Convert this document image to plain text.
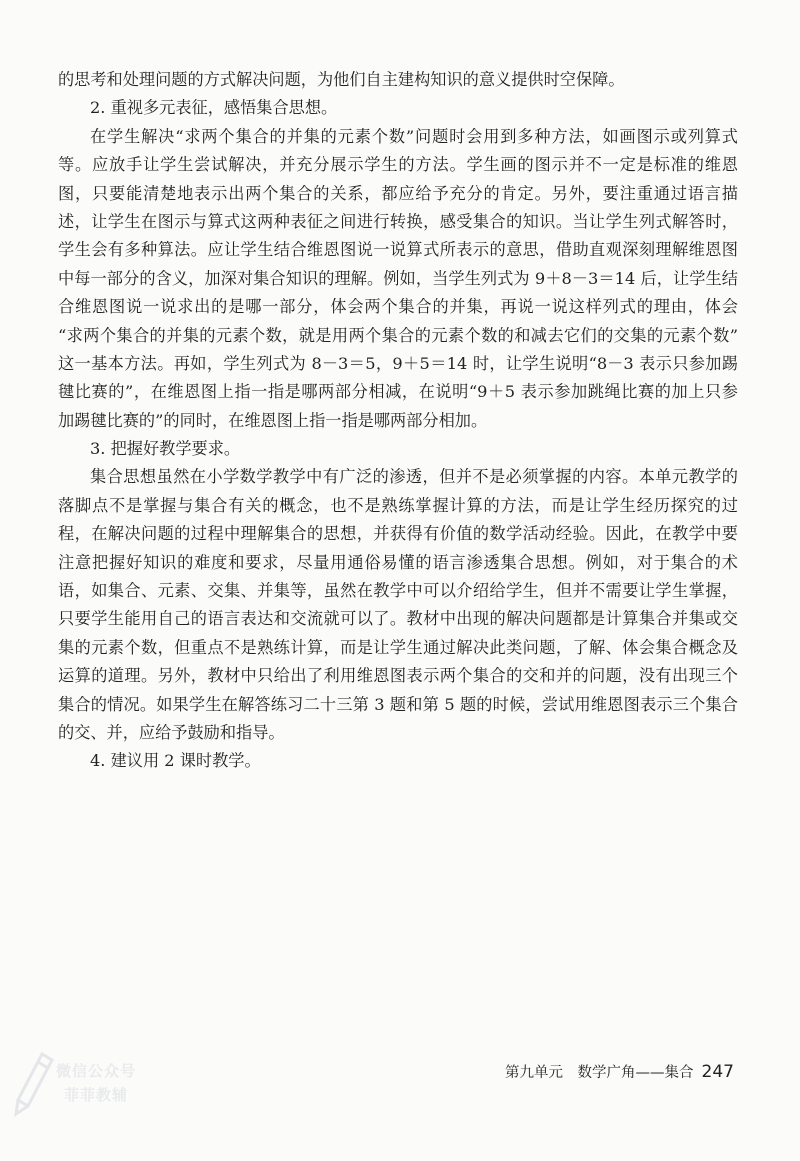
的思考和处理问题的方式解决问题，为他们自主建构知识的意义提供时空保障。
2. 重视多元表征，感悟集合思想。
在学生解决“求两个集合的并集的元素个数”问题时会用到多种方法，如画图示或列算式
等。应放手让学生尝试解决，并充分展示学生的方法。学生画的图示并不一定是标准的维恩
图，只要能清楚地表示出两个集合的关系，都应给予充分的肯定。另外，要注重通过语言描
述，让学生在图示与算式这两种表征之间进行转换，感受集合的知识。当让学生列式解答时，
学生会有多种算法。应让学生结合维恩图说一说算式所表示的意思，借助直观深刻理解维恩图
中每一部分的含义，加深对集合知识的理解。例如，当学生列式为 9＋8－3＝14 后，让学生结
合维恩图说一说求出的是哪一部分，体会两个集合的并集，再说一说这样列式的理由，体会
“求两个集合的并集的元素个数，就是用两个集合的元素个数的和减去它们的交集的元素个数”
这一基本方法。再如，学生列式为 8－3＝5，9＋5＝14 时，让学生说明“8－3 表示只参加踢
毽比赛的”，在维恩图上指一指是哪两部分相减，在说明“9＋5 表示参加跳绳比赛的加上只参
加踢毽比赛的”的同时，在维恩图上指一指是哪两部分相加。
3. 把握好教学要求。
集合思想虽然在小学数学教学中有广泛的渗透，但并不是必须掌握的内容。本单元教学的
落脚点不是掌握与集合有关的概念，也不是熟练掌握计算的方法，而是让学生经历探究的过
程，在解决问题的过程中理解集合的思想，并获得有价值的数学活动经验。因此，在教学中要
注意把握好知识的难度和要求，尽量用通俗易懂的语言渗透集合思想。例如，对于集合的术
语，如集合、元素、交集、并集等，虽然在教学中可以介绍给学生，但并不需要让学生掌握，
只要学生能用自己的语言表达和交流就可以了。教材中出现的解决问题都是计算集合并集或交
集的元素个数，但重点不是熟练计算，而是让学生通过解决此类问题，了解、体会集合概念及
运算的道理。另外，教材中只给出了利用维恩图表示两个集合的交和并的问题，没有出现三个
集合的情况。如果学生在解答练习二十三第 3 题和第 5 题的时候，尝试用维恩图表示三个集合
的交、并，应给予鼓励和指导。
4. 建议用 2 课时教学。
微信公众号
菲菲教辅
第九单元　数学广角——集合 247
